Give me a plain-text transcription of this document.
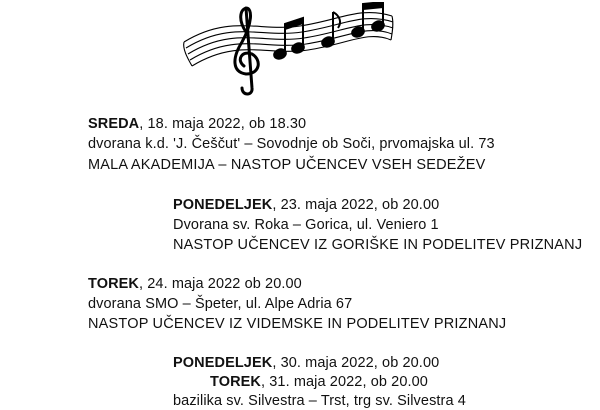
SREDA, 18. maja 2022, ob 18.30
dvorana k.d. 'J. Češčut' – Sovodnje ob Soči, prvomajska ul. 73
MALA AKADEMIJA – NASTOP UČENCEV VSEH SEDEŽEV
PONEDELJEK, 23. maja 2022, ob 20.00
Dvorana sv. Roka – Gorica, ul. Veniero 1
NASTOP UČENCEV IZ GORIŠKE IN PODELITEV PRIZNANJ
TOREK, 24. maja 2022 ob 20.00
dvorana SMO – Špeter, ul. Alpe Adria 67
NASTOP UČENCEV IZ VIDEMSKE IN PODELITEV PRIZNANJ
PONEDELJEK, 30. maja 2022, ob 20.00
TOREK, 31. maja 2022, ob 20.00
bazilika sv. Silvestra – Trst, trg sv. Silvestra 4
